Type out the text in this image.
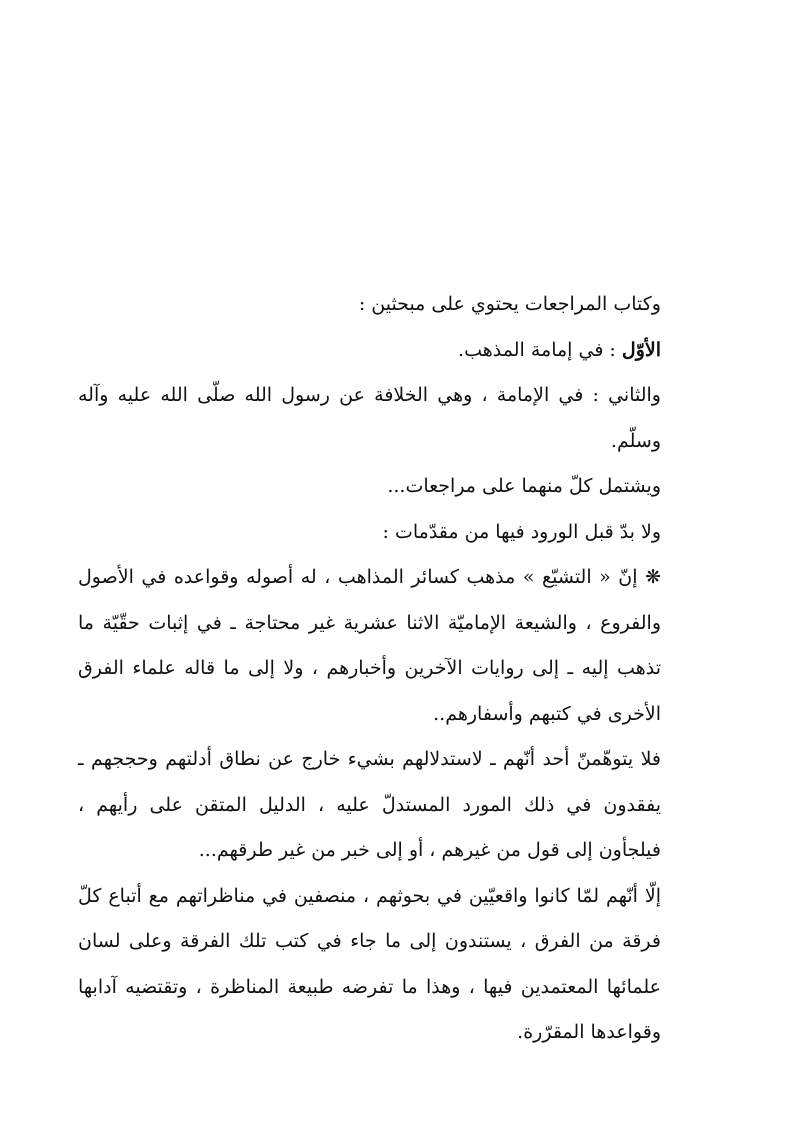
وكتاب المراجعات يحتوي على مبحثين :

الأوّل : في إمامة المذهب.

والثاني : في الإمامة ، وهي الخلافة عن رسول الله صلّى الله عليه وآله وسلّم.

ويشتمل كلّ منهما على مراجعات...

ولا بدّ قبل الورود فيها من مقدّمات :

❋ إنّ « التشيّع » مذهب كسائر المذاهب ، له أصوله وقواعده في الأصول والفروع ، والشيعة الإماميّة الاثنا عشرية غير محتاجة ـ في إثبات حقّيّة ما تذهب إليه ـ إلى روايات الآخرين وأخبارهم ، ولا إلى ما قاله علماء الفرق الأخرى في كتبهم وأسفارهم..

فلا يتوهّمنّ أحد أنّهم ـ لاستدلالهم بشيء خارج عن نطاق أدلتهم وحججهم ـ يفقدون في ذلك المورد المستدلّ عليه ، الدليل المتقن على رأيهم ، فيلجأون إلى قول من غيرهم ، أو إلى خبر من غير طرقهم...

إلّا أنّهم لمّا كانوا واقعيّين في بحوثهم ، منصفين في مناظراتهم مع أتباع كلّ فرقة من الفرق ، يستندون إلى ما جاء في كتب تلك الفرقة وعلى لسان علمائها المعتمدين فيها ، وهذا ما تفرضه طبيعة المناظرة ، وتقتضيه آدابها وقواعدها المقرّرة.
